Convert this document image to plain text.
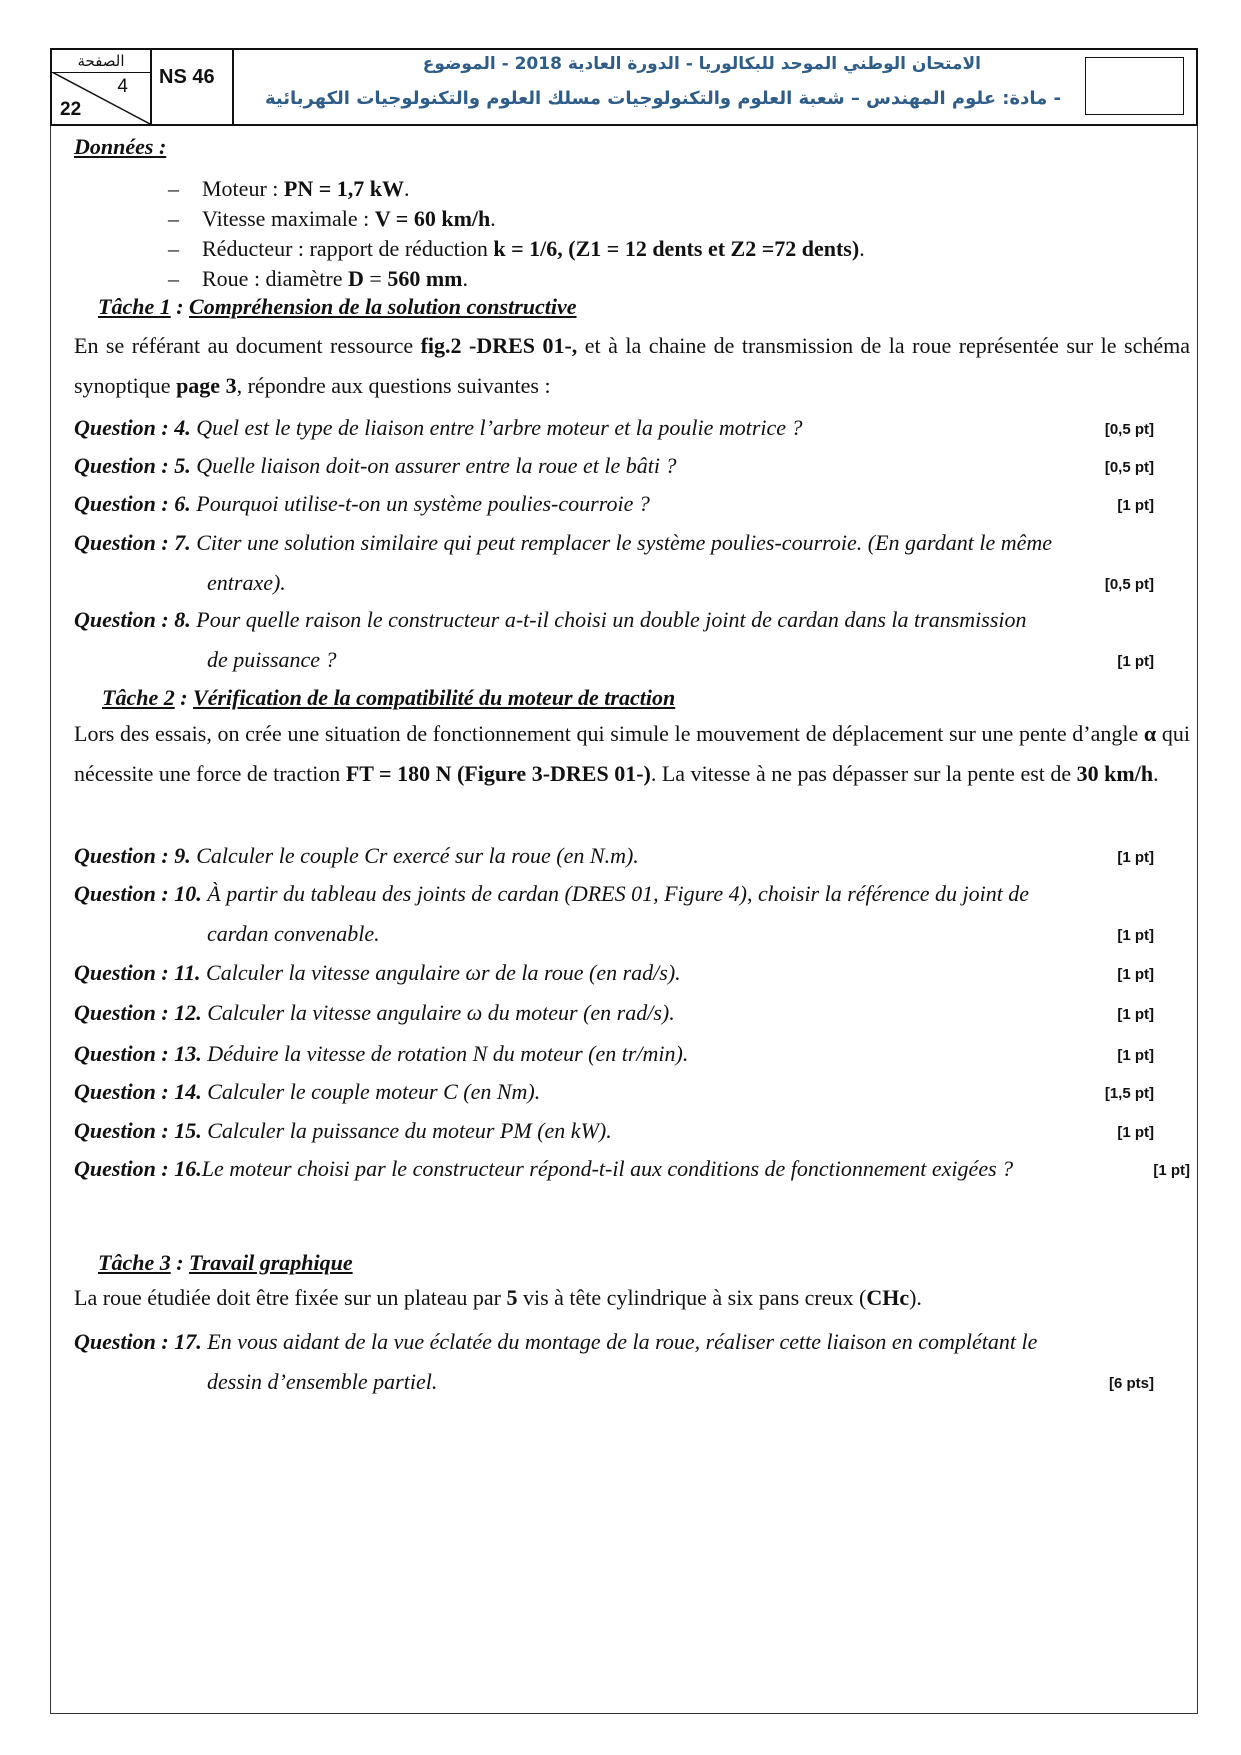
الصفحة
4
22
NS 46
الامتحان الوطني الموحد للبكالوريا - الدورة العادية 2018 - الموضوع
- مادة: علوم المهندس – شعبة العلوم والتكنولوجيات مسلك العلوم والتكنولوجيات الكهربائية
Données :
– Moteur : PN = 1,7 kW.
– Vitesse maximale : V = 60 km/h.
– Réducteur : rapport de réduction k = 1/6, (Z1 = 12 dents et Z2 =72 dents).
– Roue : diamètre D = 560 mm.
Tâche 1 : Compréhension de la solution constructive
En se référant au document ressource fig.2 -DRES 01-, et à la chaine de transmission de la roue représentée sur le schéma synoptique page 3, répondre aux questions suivantes :
Question : 4. Quel est le type de liaison entre l’arbre moteur et la poulie motrice ?	[0,5 pt]
Question : 5. Quelle liaison doit-on assurer entre la roue et le bâti ?	[0,5 pt]
Question : 6. Pourquoi utilise-t-on un système poulies-courroie ?	[1 pt]
Question : 7. Citer une solution similaire qui peut remplacer le système poulies-courroie. (En gardant le même
entraxe).	[0,5 pt]
Question : 8. Pour quelle raison le constructeur a-t-il choisi un double joint de cardan dans la transmission
de puissance ?	[1 pt]
Tâche 2 : Vérification de la compatibilité du moteur de traction
Lors des essais, on crée une situation de fonctionnement qui simule le mouvement de déplacement sur une pente d’angle α qui nécessite une force de traction FT = 180 N (Figure 3-DRES 01-). La vitesse à ne pas dépasser sur la pente est de 30 km/h.
Question : 9. Calculer le couple Cr exercé sur la roue (en N.m).	[1 pt]
Question : 10. À partir du tableau des joints de cardan (DRES 01, Figure 4), choisir la référence du joint de
cardan convenable.	[1 pt]
Question : 11. Calculer la vitesse angulaire ωr de la roue (en rad/s).	[1 pt]
Question : 12. Calculer la vitesse angulaire ω du moteur (en rad/s).	[1 pt]
Question : 13. Déduire la vitesse de rotation N du moteur (en tr/min).	[1 pt]
Question : 14. Calculer le couple moteur C (en Nm).	[1,5 pt]
Question : 15. Calculer la puissance du moteur PM (en kW).	[1 pt]
Question : 16.Le moteur choisi par le constructeur répond-t-il aux conditions de fonctionnement exigées ?	[1 pt]
Tâche 3 : Travail graphique
La roue étudiée doit être fixée sur un plateau par 5 vis à tête cylindrique à six pans creux (CHc).
Question : 17. En vous aidant de la vue éclatée du montage de la roue, réaliser cette liaison en complétant le
dessin d’ensemble partiel.	[6 pts]
